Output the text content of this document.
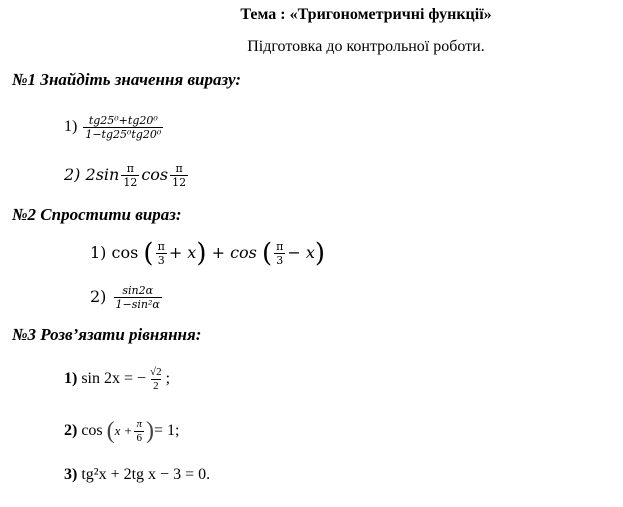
Тема : «Тригонометричні функції»
Підготовка до контрольної роботи.
№1 Знайдіть значення виразу:
$1) \frac{\text{tg25⁰+tg20⁰}}{\text{1−tg25⁰tg20⁰}}$
2) $2\sin \frac{\pi}{12}$ $\cos \frac{\pi}{12}$
№2 Спростити вираз:
1) cos ( $\frac{\pi}{3} + x) + \cos$ ( $\frac{\pi}{3} - x$)
$2) \frac{\sin 2\alpha}{\text{1−sin²α}}$
№3 Розв’язати рівняння:
1) sin 2x = − $\frac{√2}{2}$ ;
2) $\cos (x + \frac{\pi}{6}$ )= 1;
3) tg²x + 2tg x − 3 = 0.
